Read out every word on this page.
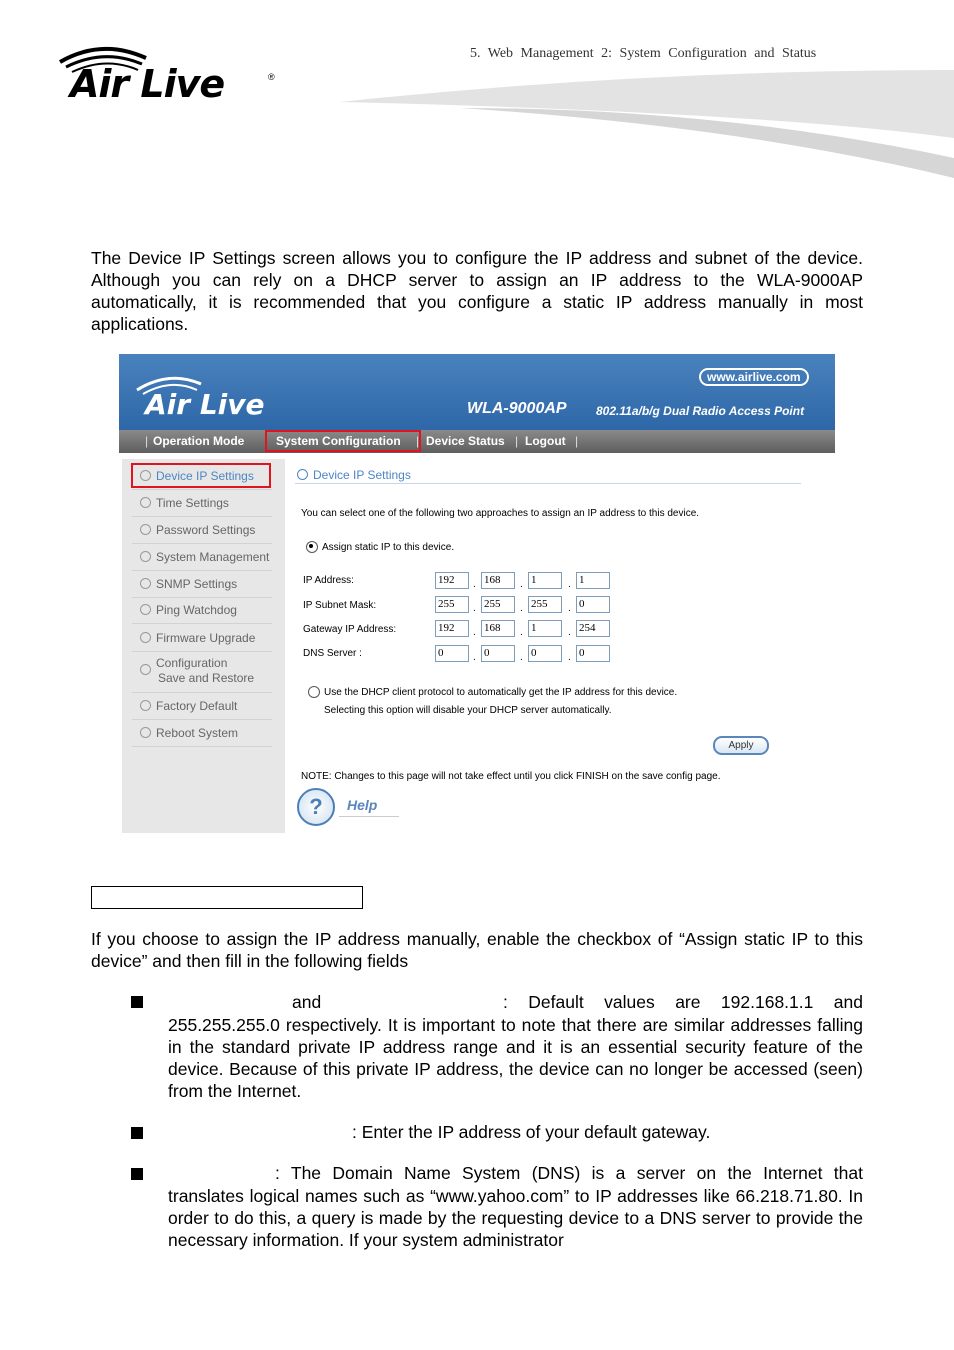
5. Web Management 2: System Configuration and Status
Air Live	®
The Device IP Settings screen allows you to configure the IP address and subnet of the device. Although you can rely on a DHCP server to assign an IP address to the WLA-9000AP automatically, it is recommended that you configure a static IP address manually in most applications.
Air Live
www.airlive.com
WLA-9000AP 802.11a/b/g Dual Radio Access Point
| Operation Mode	System Configuration | Device Status | Logout |
Device IP Settings
Time Settings
Password Settings
System Management
SNMP Settings
Ping Watchdog
Firmware Upgrade
Configuration
Save and Restore
Factory Default
Reboot System
Device IP Settings
You can select one of the following two approaches to assign an IP address to this device.
Assign static IP to this device.
IP Address:	192	. 168	. 1	. 1
IP Subnet Mask:	255	. 255	. 255	. 0
Gateway IP Address:	192	. 168	. 1	. 254
DNS Server :	0	. 0	. 0	. 0
Use the DHCP client protocol to automatically get the IP address for this device.
Selecting this option will disable your DHCP server automatically.
Apply
NOTE: Changes to this page will not take effect until you click FINISH on the save config page.
?	Help
If you choose to assign the IP address manually, enable the checkbox of “Assign static IP to this device” and then fill in the following fields
and	: Default values are 192.168.1.1 and
255.255.255.0 respectively. It is important to note that there are similar addresses falling in the standard private IP address range and it is an essential security feature of the device. Because of this private IP address, the device can no longer be accessed (seen) from the Internet.
: Enter the IP address of your default gateway.
: The Domain Name System (DNS) is a server on the Internet that
translates logical names such as “www.yahoo.com” to IP addresses like 66.218.71.80. In order to do this, a query is made by the requesting device to a DNS server to provide the necessary information. If your system administrator
